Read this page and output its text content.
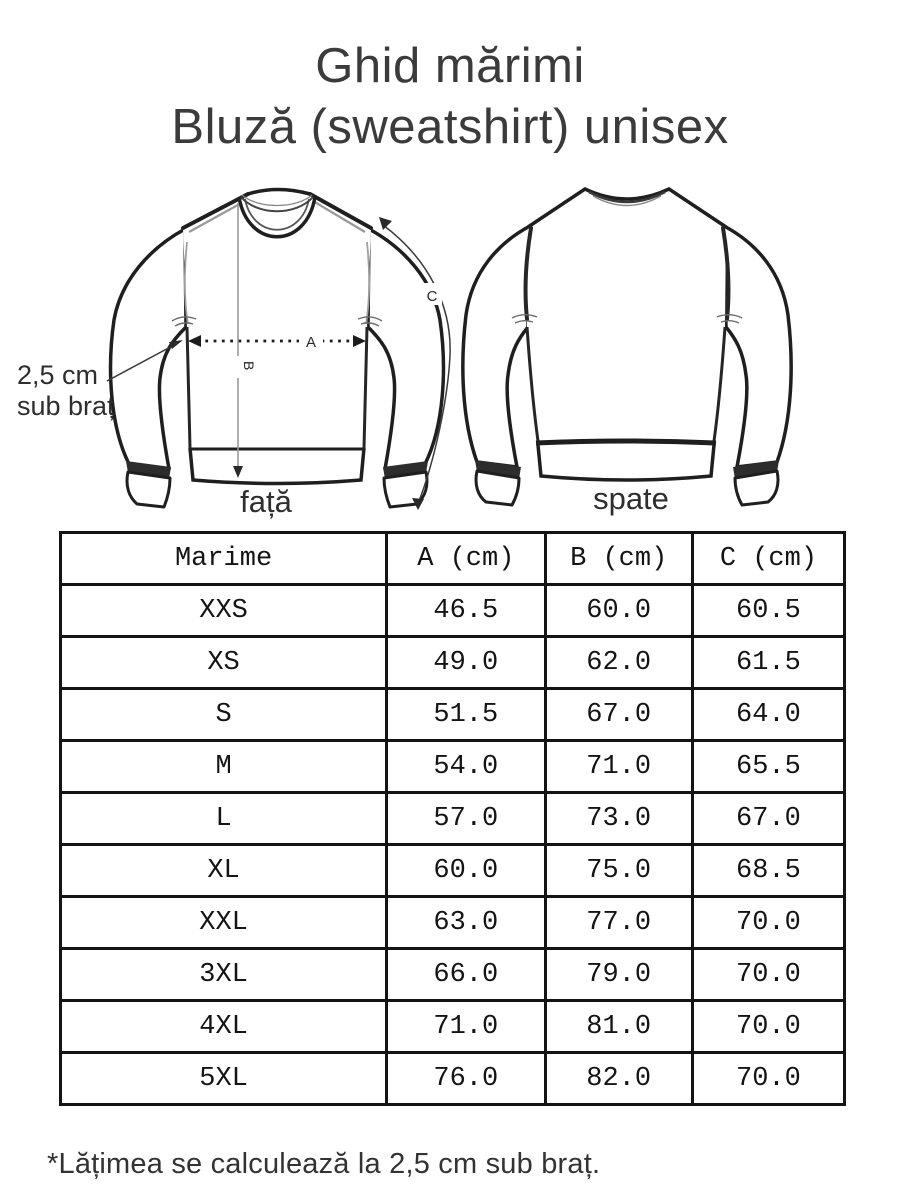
Ghid mărimi
Bluză (sweatshirt) unisex
A
B
C
2,5 cm
sub braț
față	spate
Marime	A (cm)	B (cm)	C (cm)
XXS	46.5	60.0	60.5
XS	49.0	62.0	61.5
S	51.5	67.0	64.0
M	54.0	71.0	65.5
L	57.0	73.0	67.0
XL	60.0	75.0	68.5
XXL	63.0	77.0	70.0
3XL	66.0	79.0	70.0
4XL	71.0	81.0	70.0
5XL	76.0	82.0	70.0
*Lățimea se calculează la 2,5 cm sub braț.
